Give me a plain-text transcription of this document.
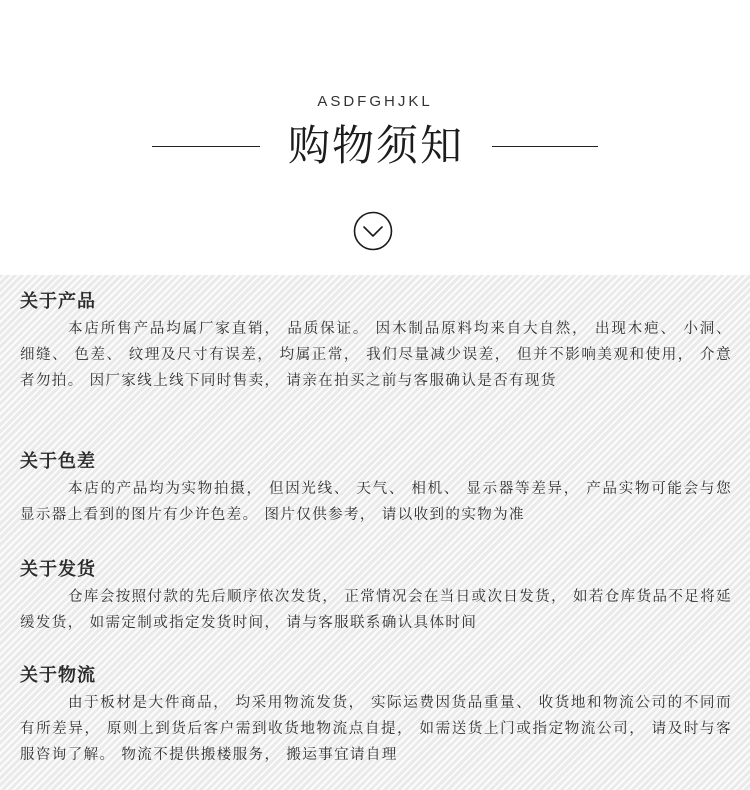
ASDFGHJKL
购物须知
关于产品

本店所售产品均属厂家直销， 品质保证。 因木制品原料均来自大自然， 出现木疤、 小洞、 细缝、 色差、 纹理及尺寸有误差， 均属正常， 我们尽量减少误差， 但并不影响美观和使用， 介意者勿拍。 因厂家线上线下同时售卖， 请亲在拍买之前与客服确认是否有现货

关于色差

本店的产品均为实物拍摄， 但因光线、 天气、 相机、 显示器等差异， 产品实物可能会与您显示器上看到的图片有少许色差。 图片仅供参考， 请以收到的实物为准

关于发货

仓库会按照付款的先后顺序依次发货， 正常情况会在当日或次日发货， 如若仓库货品不足将延缓发货， 如需定制或指定发货时间， 请与客服联系确认具体时间

关于物流

由于板材是大件商品， 均采用物流发货， 实际运费因货品重量、 收货地和物流公司的不同而有所差异， 原则上到货后客户需到收货地物流点自提， 如需送货上门或指定物流公司， 请及时与客服咨询了解。 物流不提供搬楼服务， 搬运事宜请自理
